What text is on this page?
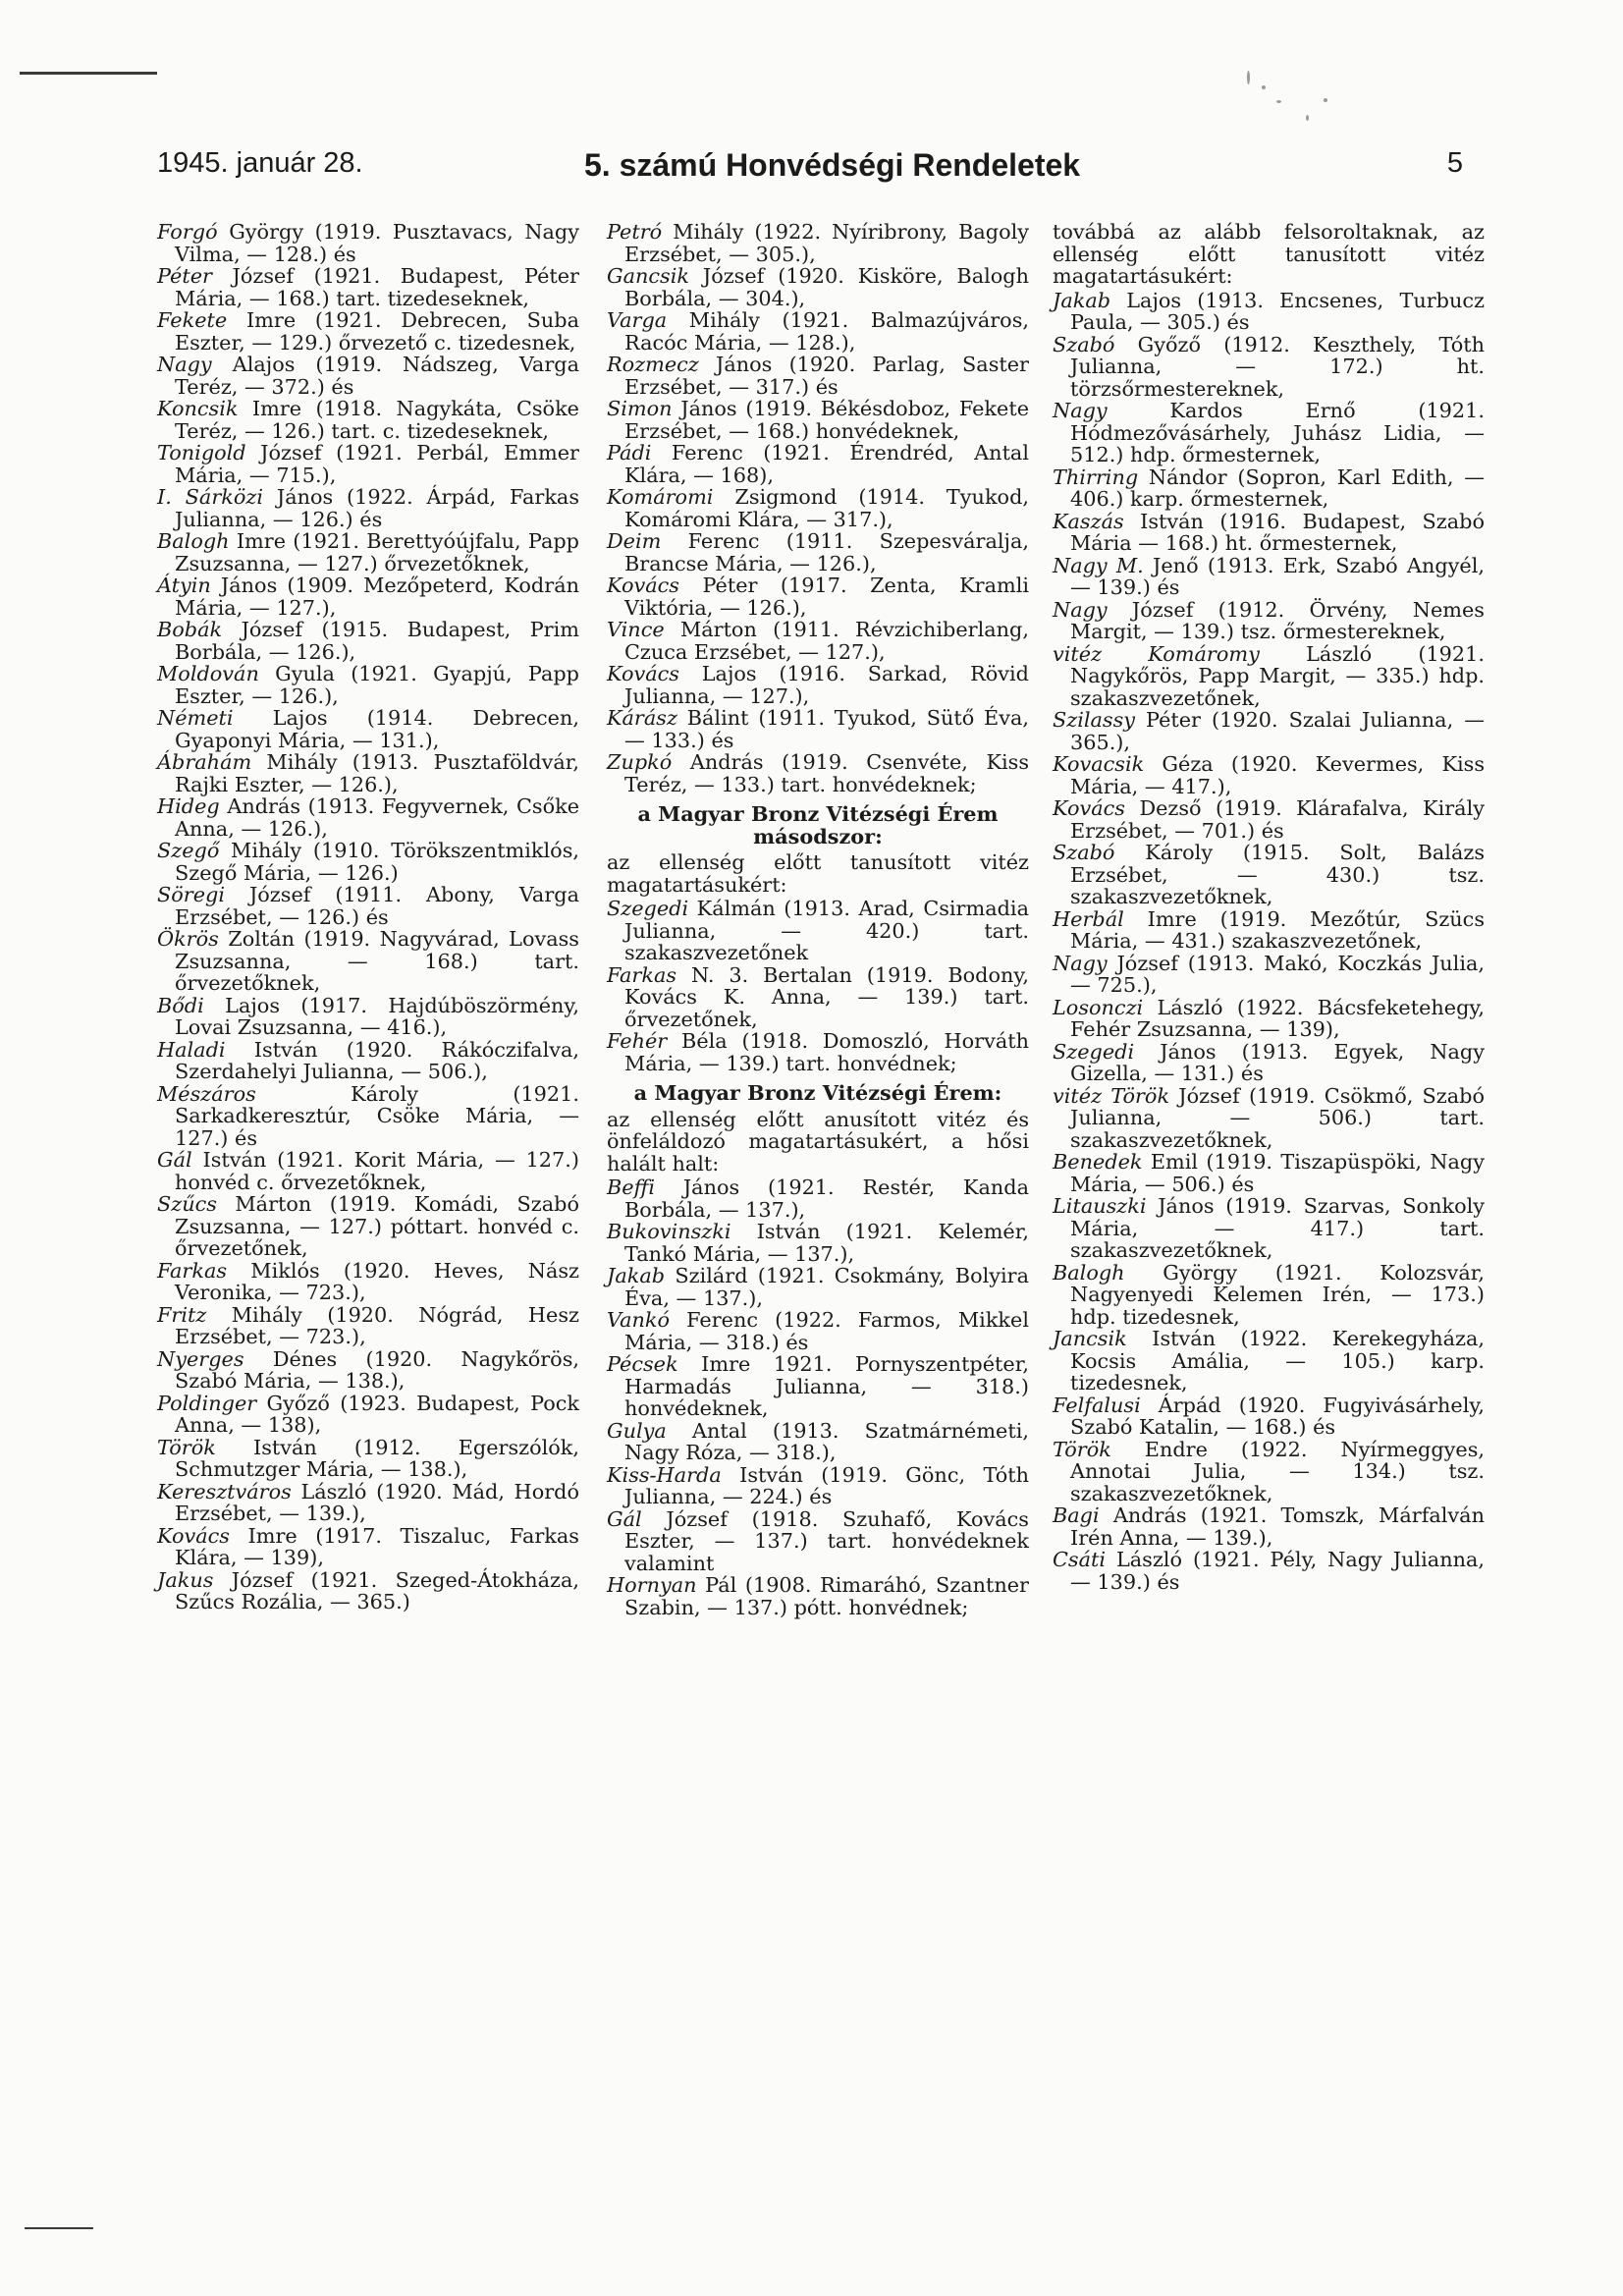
1945. január 28.	5. számú Honvédségi Rendeletek	5

Forgó György (1919. Pusztavacs, Nagy Vilma, — 128.) és

Péter József (1921. Budapest, Péter Mária, — 168.) tart. tizedeseknek,

Fekete Imre (1921. Debrecen, Suba Eszter, — 129.) őrvezető c. tizedesnek,

Nagy Alajos (1919. Nádszeg, Varga Teréz, — 372.) és

Koncsik Imre (1918. Nagykáta, Csöke Teréz, — 126.) tart. c. tizedeseknek,

Tonigold József (1921. Perbál, Emmer Mária, — 715.),

I. Sárközi János (1922. Árpád, Farkas Julianna, — 126.) és

Balogh Imre (1921. Berettyóújfalu, Papp Zsuzsanna, — 127.) őrvezetőknek,

Átyin János (1909. Mezőpeterd, Kodrán Mária, — 127.),

Bobák József (1915. Budapest, Prim Borbála, — 126.),

Moldován Gyula (1921. Gyapjú, Papp Eszter, — 126.),

Németi Lajos (1914. Debrecen, Gyaponyi Mária, — 131.),

Ábrahám Mihály (1913. Pusztaföldvár, Rajki Eszter, — 126.),

Hideg András (1913. Fegyvernek, Csőke Anna, — 126.),

Szegő Mihály (1910. Törökszentmiklós, Szegő Mária, — 126.)

Söregi József (1911. Abony, Varga Erzsébet, — 126.) és

Ökrös Zoltán (1919. Nagyvárad, Lovass Zsuzsanna, — 168.) tart. őrvezetőknek,

Bődi Lajos (1917. Hajdúböszörmény, Lovai Zsuzsanna, — 416.),

Haladi István (1920. Rákóczifalva, Szerdahelyi Julianna, — 506.),

Mészáros	Károly (1921. Sarkadkeresztúr, Csöke Mária, — 127.) és

Gál István (1921. Korit Mária, — 127.) honvéd c. őrvezetőknek,

Szűcs Márton (1919. Komádi, Szabó Zsuzsanna, — 127.) póttart. honvéd c. őrvezetőnek,

Farkas Miklós (1920. Heves, Nász Veronika, — 723.),

Fritz Mihály (1920. Nógrád, Hesz Erzsébet, — 723.),

Nyerges Dénes (1920. Nagykőrös, Szabó Mária, — 138.),

Poldinger Győző (1923. Budapest, Pock Anna, — 138),

Török István (1912. Egerszólók, Schmutzger Mária, — 138.),

Keresztváros László (1920. Mád, Hordó Erzsébet, — 139.),

Kovács Imre (1917. Tiszaluc, Farkas Klára, — 139),

Jakus József (1921. Szeged-Átokháza, Szűcs Rozália, — 365.)

Petró Mihály (1922. Nyíribrony, Bagoly Erzsébet, — 305.),

Gancsik József (1920. Kisköre, Balogh Borbála, — 304.),

Varga Mihály (1921. Balmazújváros, Racóc Mária, — 128.),

Rozmecz János (1920. Parlag, Saster Erzsébet, — 317.) és

Simon János (1919. Békésdoboz, Fekete Erzsébet, — 168.) honvédeknek,

Pádi Ferenc (1921. Érendréd, Antal Klára, — 168),

Komáromi Zsigmond (1914. Tyukod, Komáromi Klára, — 317.),

Deim Ferenc (1911. Szepesváralja, Brancse Mária, — 126.),

Kovács Péter (1917. Zenta, Kramli Viktória, — 126.),

Vince Márton (1911. Révzichiberlang, Czuca Erzsébet, — 127.),

Kovács Lajos (1916. Sarkad, Rövid Julianna, — 127.),

Kárász Bálint (1911. Tyukod, Sütő Éva, — 133.) és

Zupkó András (1919. Csenvéte, Kiss Teréz, — 133.) tart. honvédeknek;

a Magyar Bronz Vitézségi Érem másodszor:

az ellenség előtt tanusított vitéz magatartásukért:

Szegedi Kálmán (1913. Arad, Csirmadia Julianna, — 420.) tart. szakaszvezetőnek

Farkas N. 3. Bertalan (1919. Bodony, Kovács K. Anna, — 139.) tart. őrvezetőnek,

Fehér Béla (1918. Domoszló, Horváth Mária, — 139.) tart. honvédnek;

a Magyar Bronz Vitézségi Érem:

az ellenség előtt anusított vitéz és önfeláldozó magatartásukért, a hősi halált halt:

Beffi János (1921. Restér, Kanda Borbála, — 137.),

Bukovinszki István (1921. Kelemér, Tankó Mária, — 137.),

Jakab Szilárd (1921. Csokmány, Bolyira Éva, — 137.),

Vankó Ferenc (1922. Farmos, Mikkel Mária, — 318.) és

Pécsek Imre 1921. Pornyszentpéter, Harmadás Julianna, — 318.) honvédeknek,

Gulya Antal (1913. Szatmárnémeti, Nagy Róza, — 318.),

Kiss-Harda István (1919. Gönc, Tóth Julianna, — 224.) és

Gál József (1918. Szuhafő, Kovács Eszter, — 137.) tart. honvédeknek valamint

Hornyan Pál (1908. Rimaráhó, Szantner Szabin, — 137.) pótt. honvédnek;

továbbá az alább felsoroltaknak, az ellenség előtt tanusított vitéz magatartásukért:

Jakab Lajos (1913. Encsenes, Turbucz Paula, — 305.) és

Szabó Győző (1912. Keszthely, Tóth Julianna, — 172.) ht. törzsőrmestereknek,

Nagy	Kardos Ernő (1921. Hódmezővásárhely, Juhász Lidia, — 512.) hdp. őrmesternek,

Thirring Nándor (Sopron, Karl Edith, — 406.) karp. őrmesternek,

Kaszás István (1916. Budapest, Szabó Mária — 168.) ht. őrmesternek,

Nagy M. Jenő (1913. Erk, Szabó Angyél, — 139.) és

Nagy József (1912. Örvény, Nemes Margit, — 139.) tsz. őrmestereknek,

vitéz Komáromy László (1921. Nagykőrös, Papp Margit, — 335.) hdp. szakaszvezetőnek,

Szilassy Péter (1920. Szalai Julianna, — 365.),

Kovacsik Géza (1920. Kevermes, Kiss Mária, — 417.),

Kovács Dezső (1919. Klárafalva, Király Erzsébet, — 701.) és

Szabó Károly (1915. Solt, Balázs Erzsébet, — 430.) tsz. szakaszvezetőknek,

Herbál Imre (1919. Mezőtúr, Szücs Mária, — 431.) szakaszvezetőnek,

Nagy József (1913. Makó, Koczkás Julia, — 725.),

Losonczi László (1922. Bácsfeketehegy, Fehér Zsuzsanna, — 139),

Szegedi János (1913. Egyek, Nagy Gizella, — 131.) és

vitéz Török József (1919. Csökmő, Szabó Julianna, — 506.) tart. szakaszvezetőknek,

Benedek Emil (1919. Tiszapüspöki, Nagy Mária, — 506.) és

Litauszki János (1919. Szarvas, Sonkoly Mária, — 417.) tart. szakaszvezetőknek,

Balogh György (1921. Kolozsvár, Nagyenyedi Kelemen Irén, — 173.) hdp. tizedesnek,

Jancsik István (1922. Kerekegyháza, Kocsis Amália, — 105.) karp. tizedesnek,

Felfalusi Árpád (1920. Fugyivásárhely, Szabó Katalin, — 168.) és

Török Endre (1922. Nyírmeggyes, Annotai Julia, — 134.) tsz. szakaszvezetőknek,

Bagi András (1921. Tomszk, Márfalván Irén Anna, — 139.),

Csáti László (1921. Pély, Nagy Julianna, — 139.) és
